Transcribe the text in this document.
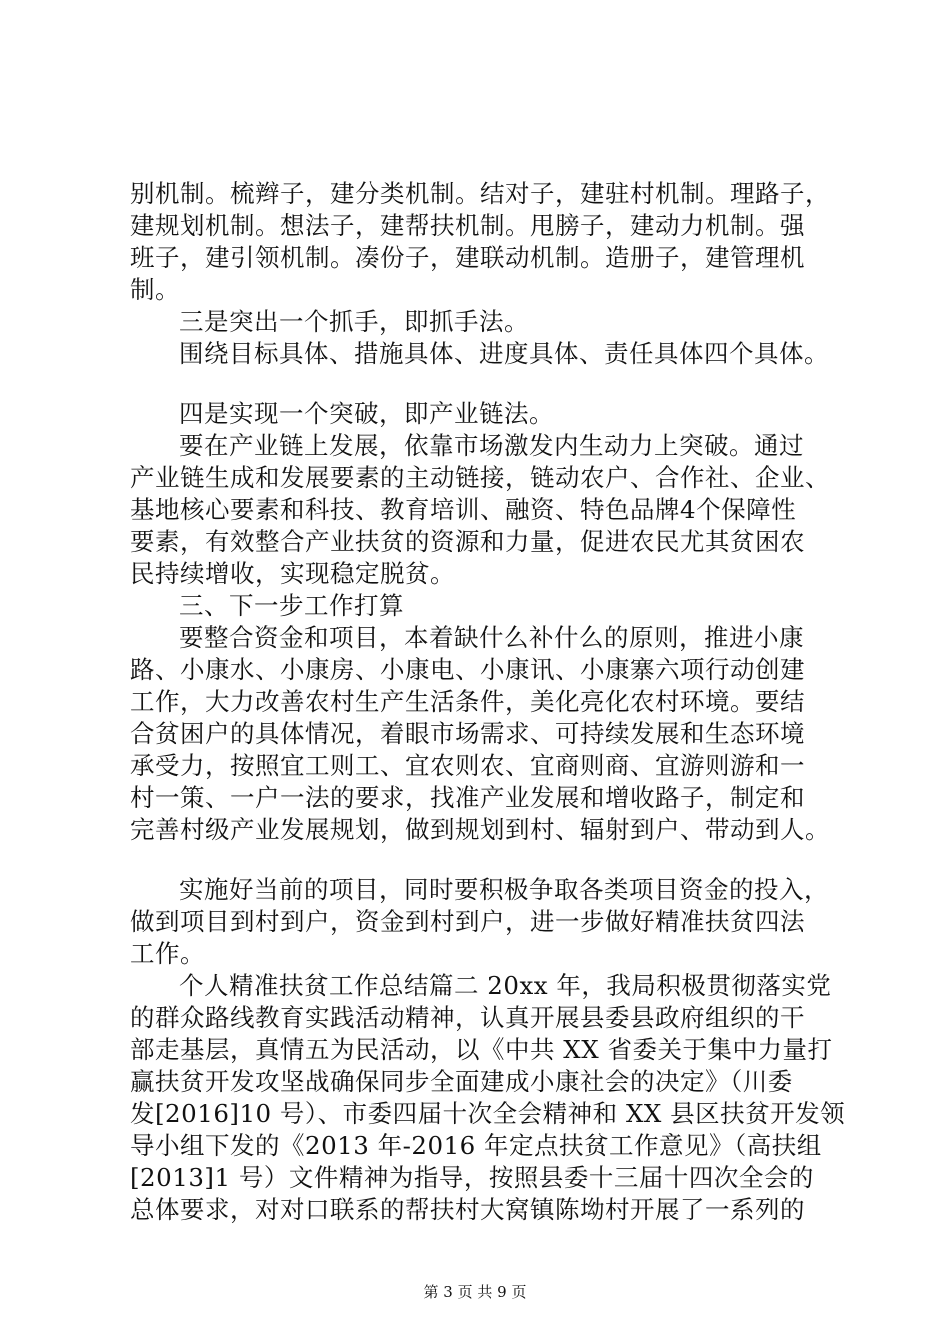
别机制。梳辫子，建分类机制。结对子，建驻村机制。理路子，
建规划机制。想法子，建帮扶机制。甩膀子，建动力机制。强
班子，建引领机制。凑份子，建联动机制。造册子，建管理机
制。
三是突出一个抓手，即抓手法。
围绕目标具体、措施具体、进度具体、责任具体四个具体。
四是实现一个突破，即产业链法。
要在产业链上发展，依靠市场激发内生动力上突破。通过
产业链生成和发展要素的主动链接，链动农户、合作社、企业、
基地核心要素和科技、教育培训、融资、特色品牌4个保障性
要素，有效整合产业扶贫的资源和力量，促进农民尤其贫困农
民持续增收，实现稳定脱贫。
三、下一步工作打算
要整合资金和项目，本着缺什么补什么的原则，推进小康
路、小康水、小康房、小康电、小康讯、小康寨六项行动创建
工作，大力改善农村生产生活条件，美化亮化农村环境。要结
合贫困户的具体情况，着眼市场需求、可持续发展和生态环境
承受力，按照宜工则工、宜农则农、宜商则商、宜游则游和一
村一策、一户一法的要求，找准产业发展和增收路子，制定和
完善村级产业发展规划，做到规划到村、辐射到户、带动到人。
实施好当前的项目，同时要积极争取各类项目资金的投入，
做到项目到村到户，资金到村到户，进一步做好精准扶贫四法
工作。
个人精准扶贫工作总结篇二 20xx 年，我局积极贯彻落实党
的群众路线教育实践活动精神，认真开展县委县政府组织的干
部走基层，真情五为民活动，以《中共 XX 省委关于集中力量打
赢扶贫开发攻坚战确保同步全面建成小康社会的决定》（川委
发[2016]10 号）、市委四届十次全会精神和 XX 县区扶贫开发领
导小组下发的《2013 年-2016 年定点扶贫工作意见》（高扶组
[2013]1 号）文件精神为指导，按照县委十三届十四次全会的
总体要求，对对口联系的帮扶村大窝镇陈坳村开展了一系列的
第 3 页 共 9 页
